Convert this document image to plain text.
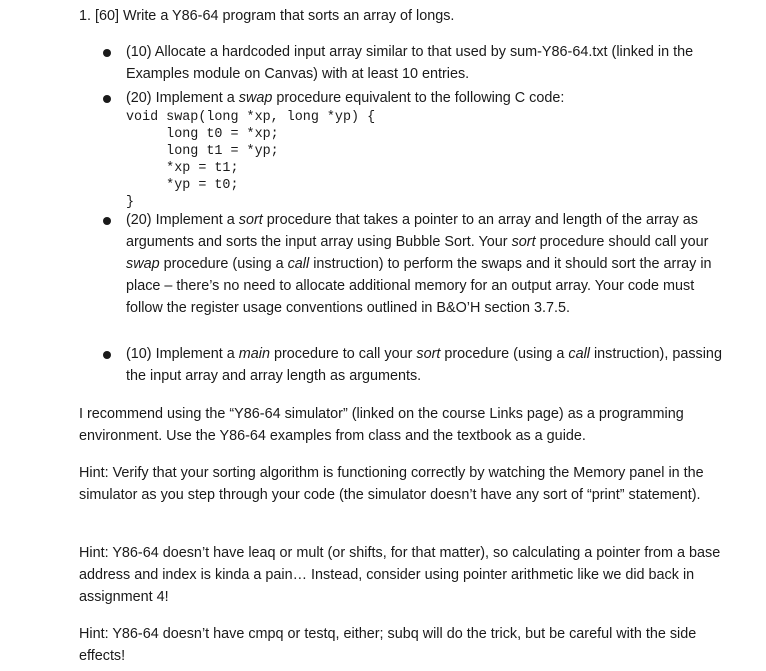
1. [60] Write a Y86-64 program that sorts an array of longs.
(10) Allocate a hardcoded input array similar to that used by sum-Y86-64.txt (linked in the Examples module on Canvas) with at least 10 entries.
(20) Implement a swap procedure equivalent to the following C code:
void swap(long *xp, long *yp) {
long t0 = *xp;
long t1 = *yp;
*xp = t1;
*yp = t0;
}
(20) Implement a sort procedure that takes a pointer to an array and length of the array as arguments and sorts the input array using Bubble Sort. Your sort procedure should call your swap procedure (using a call instruction) to perform the swaps and it should sort the array in place – there’s no need to allocate additional memory for an output array. Your code must follow the register usage conventions outlined in B&O’H section 3.7.5.
(10) Implement a main procedure to call your sort procedure (using a call instruction), passing the input array and array length as arguments.
I recommend using the “Y86-64 simulator” (linked on the course Links page) as a programming environment. Use the Y86-64 examples from class and the textbook as a guide.
Hint: Verify that your sorting algorithm is functioning correctly by watching the Memory panel in the simulator as you step through your code (the simulator doesn’t have any sort of “print” statement).
Hint: Y86-64 doesn’t have leaq or mult (or shifts, for that matter), so calculating a pointer from a base address and index is kinda a pain… Instead, consider using pointer arithmetic like we did back in assignment 4!
Hint: Y86-64 doesn’t have cmpq or testq, either; subq will do the trick, but be careful with the side effects!
